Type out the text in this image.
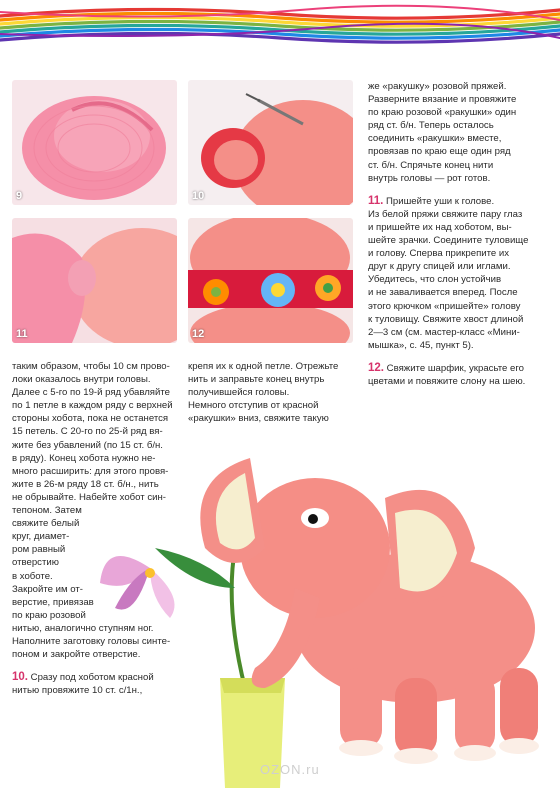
9	10
11	12

таким образом, чтобы 10 см прово-

локи оказалось внутри головы.

Далее с 5-го по 19-й ряд убавляйте

по 1 петле в каждом ряду с верхней

стороны хобота, пока не останется

15 петель. С 20-го по 25-й ряд вя-

жите без убавлений (по 15 ст. б/н.

в ряду). Конец хобота нужно не-

много расширить: для этого провя-

жите в 26-м ряду 18 ст. б/н., нить

не обрывайте. Набейте хобот син-

тепоном. Затем

свяжите белый

круг, диамет-

ром равный

отверстию

в хоботе.

Закройте им от-

верстие, привязав

по краю розовой

нитью, аналогично ступням ног.

Наполните заготовку головы синте-

поном и закройте отверстие.

10. Сразу под хоботом красной

нитью провяжите 10 ст. с/1н.,

крепя их к одной петле. Отрежьте

нить и заправьте конец внутрь

получившейся головы.

Немного отступив от красной

«ракушки» вниз, свяжите такую

же «ракушку» розовой пряжей.

Разверните вязание и провяжите

по краю розовой «ракушки» один

ряд ст. б/н. Теперь осталось

соединить «ракушки» вместе,

провязав по краю еще один ряд

ст. б/н. Спрячьте конец нити

внутрь головы — рот готов.

11. Пришейте уши к голове.

Из белой пряжи свяжите пару глаз

и пришейте их над хоботом, вы-

шейте зрачки. Соедините туловище

и голову. Сперва прикрепите их

друг к другу спицей или иглами.

Убедитесь, что слон устойчив

и не заваливается вперед. После

этого крючком «пришейте» голову

к туловищу. Свяжите хвост длиной

2—3 см (см. мастер-класс «Мини-

мышка», с. 45, пункт 5).

12. Свяжите шарфик, украсьте его

цветами и повяжите слону на шею.

OZON.ru
